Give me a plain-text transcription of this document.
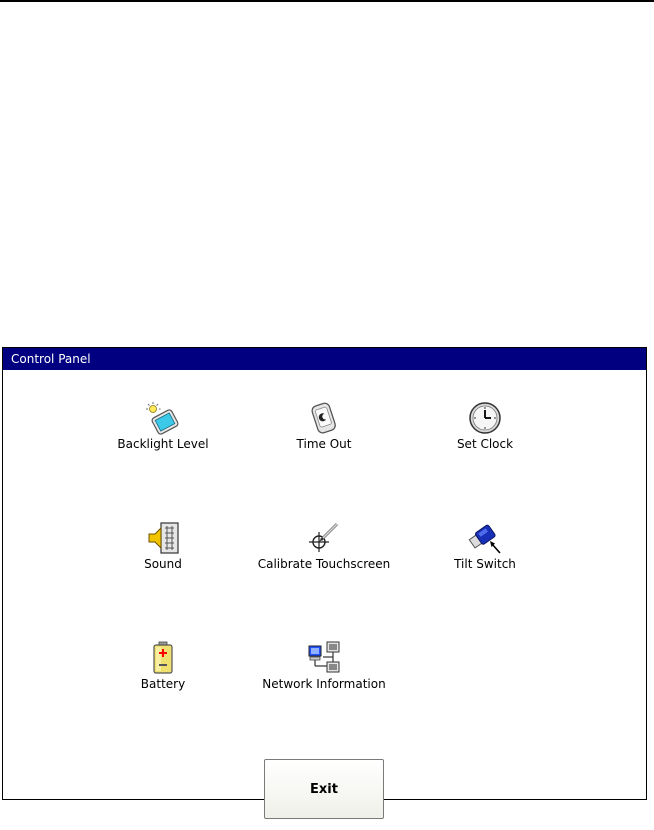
Control Panel
Backlight Level	Time Out	Set Clock
Sound	Calibrate Touchscreen	Tilt Switch
Battery	Network Information
Exit
